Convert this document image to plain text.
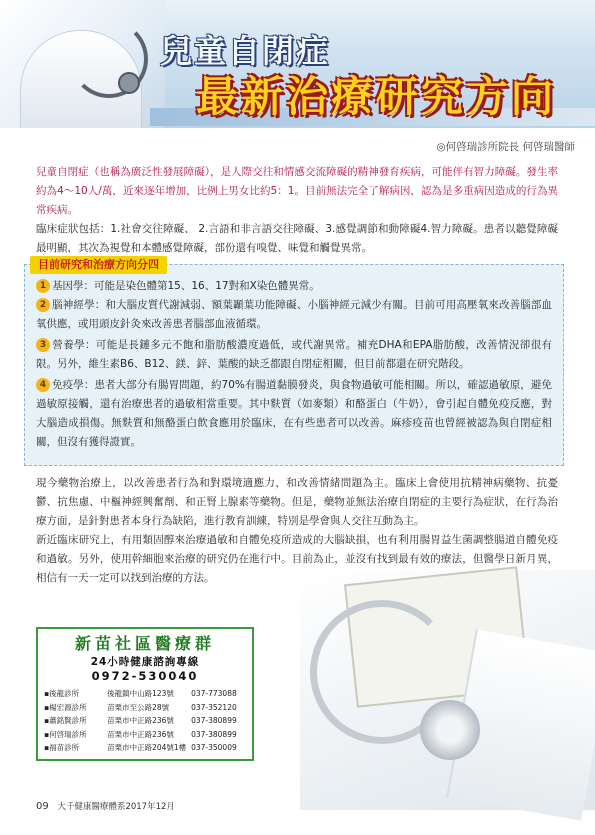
兒童自閉症
最新治療研究方向
◎何啓瑞診所院長 何啓瑞醫師

兒童自閉症（也稱為廣泛性發展障礙），是人際交往和情感交流障礙的精神發育疾病，可能伴有智力障礙。發生率約為4～10人/萬，近來逐年增加，比例上男女比約5：1。目前無法完全了解病因，認為是多重病因造成的行為異常疾病。

臨床症狀包括：1.社會交往障礙、 2.言語和非言語交往障礙、3.感覺調節和動障礙4.智力障礙。患者以聽覺障礙最明顯，其次為視覺和本體感覺障礙，部份還有嗅覺、味覺和觸覺異常。

目前研究和治療方向分四

1 基因學：可能是染色體第15、16、17對和X染色體異常。

2 腦神經學：和大腦皮質代謝減弱、額葉顳葉功能障礙、小腦神經元減少有關。目前可用高壓氧來改善腦部血氧供應，或用頭皮針灸來改善患者腦部血液循環。

3 營養學：可能是長鏈多元不飽和脂肪酸濃度過低，或代謝異常。補充DHA和EPA脂肪酸，改善情況卻很有限。另外，維生素B6、B12、鎂、鋅、葉酸的缺乏都跟自閉症相關，但目前都還在研究階段。

4 免疫學：患者大部分有腸胃問題，約70%有腸道黏膜發炎，與食物過敏可能相關。所以，確認過敏原，避免過敏原接觸，還有治療患者的過敏相當重要。其中麩質（如麥類）和酪蛋白（牛奶），會引起自體免疫反應，對大腦造成損傷。無麩質和無酪蛋白飲食應用於臨床，在有些患者可以改善。麻疹疫苗也曾經被認為與自閉症相關，但沒有獲得證實。

現今藥物治療上，以改善患者行為和對環境適應力，和改善情緒問題為主。臨床上會使用抗精神病藥物、抗憂鬱、抗焦慮、中樞神經興奮劑、和正腎上腺素等藥物。但是，藥物並無法治療自閉症的主要行為症狀，在行為治療方面，是針對患者本身行為缺陷，進行教育訓練，特別是學會與人交往互動為主。

新近臨床研究上，有用類固醇來治療過敏和自體免疫所造成的大腦缺損，也有利用腸胃益生菌調整腸道自體免疫和過敏。另外，使用幹細胞來治療的研究仍在進行中。目前為止，並沒有找到最有效的療法，但醫學日新月異，相信有一天一定可以找到治療的方法。

新苗社區醫療群
24小時健康諮詢專線
0972-530040
▪後龍診所	後龍鎮中山路123號 037-773088
▪楊宏源診所	苗栗市至公路28號	037-352120
▪蕭銘賢診所	苗栗市中正路236號 037-380899
▪何啓瑞診所	苗栗市中正路236號 037-380899
▪福苗診所	苗栗市中正路204號1樓 037-350009
09 大千健康醫療體系2017年12月
